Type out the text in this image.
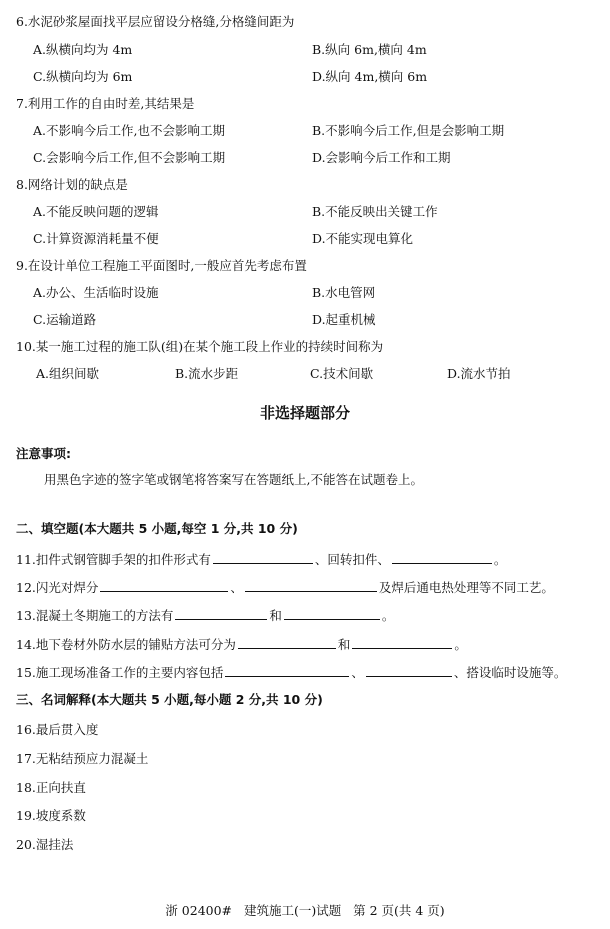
6.水泥砂浆屋面找平层应留设分格缝,分格缝间距为
A.纵横向均为 4m	B.纵向 6m,横向 4m
C.纵横向均为 6m	D.纵向 4m,横向 6m
7.利用工作的自由时差,其结果是
A.不影响今后工作,也不会影响工期	B.不影响今后工作,但是会影响工期
C.会影响今后工作,但不会影响工期	D.会影响今后工作和工期
8.网络计划的缺点是
A.不能反映问题的逻辑	B.不能反映出关键工作
C.计算资源消耗量不便	D.不能实现电算化
9.在设计单位工程施工平面图时,一般应首先考虑布置
A.办公、生活临时设施	B.水电管网
C.运输道路	D.起重机械
10.某一施工过程的施工队(组)在某个施工段上作业的持续时间称为
A.组织间歇	B.流水步距	C.技术间歇	D.流水节拍
非选择题部分
注意事项:
用黑色字迹的签字笔或钢笔将答案写在答题纸上,不能答在试题卷上。
二、填空题(本大题共 5 小题,每空 1 分,共 10 分)
11.扣件式钢管脚手架的扣件形式有	、回转扣件、	。
12.闪光对焊分	、	及焊后通电热处理等不同工艺。
13.混凝土冬期施工的方法有	和	。
14.地下卷材外防水层的铺贴方法可分为	和	。
15.施工现场准备工作的主要内容包括	、	、搭设临时设施等。
三、名词解释(本大题共 5 小题,每小题 2 分,共 10 分)
16.最后贯入度
17.无粘结预应力混凝土
18.正向扶直
19.坡度系数
20.湿挂法
浙 02400#   建筑施工(一)试题   第 2 页(共 4 页)
